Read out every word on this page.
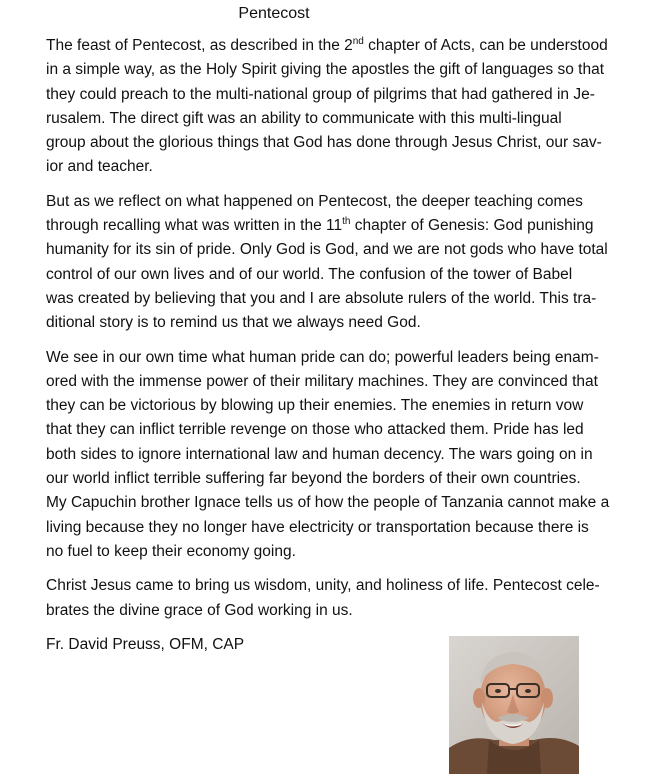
Pentecost

The feast of Pentecost, as described in the 2nd chapter of Acts, can be understood
in a simple way, as the Holy Spirit giving the apostles the gift of languages so that
they could preach to the multi-national group of pilgrims that had gathered in Je-
rusalem. The direct gift was an ability to communicate with this multi-lingual
group about the glorious things that God has done through Jesus Christ, our sav-
ior and teacher.

But as we reflect on what happened on Pentecost, the deeper teaching comes
through recalling what was written in the 11th chapter of Genesis: God punishing
humanity for its sin of pride. Only God is God, and we are not gods who have total
control of our own lives and of our world. The confusion of the tower of Babel
was created by believing that you and I are absolute rulers of the world. This tra-
ditional story is to remind us that we always need God.

We see in our own time what human pride can do; powerful leaders being enam-
ored with the immense power of their military machines. They are convinced that
they can be victorious by blowing up their enemies. The enemies in return vow
that they can inflict terrible revenge on those who attacked them. Pride has led
both sides to ignore international law and human decency. The wars going on in
our world inflict terrible suffering far beyond the borders of their own countries.
My Capuchin brother Ignace tells us of how the people of Tanzania cannot make a
living because they no longer have electricity or transportation because there is
no fuel to keep their economy going.

Christ Jesus came to bring us wisdom, unity, and holiness of life. Pentecost cele-
brates the divine grace of God working in us.

Fr. David Preuss, OFM, CAP
